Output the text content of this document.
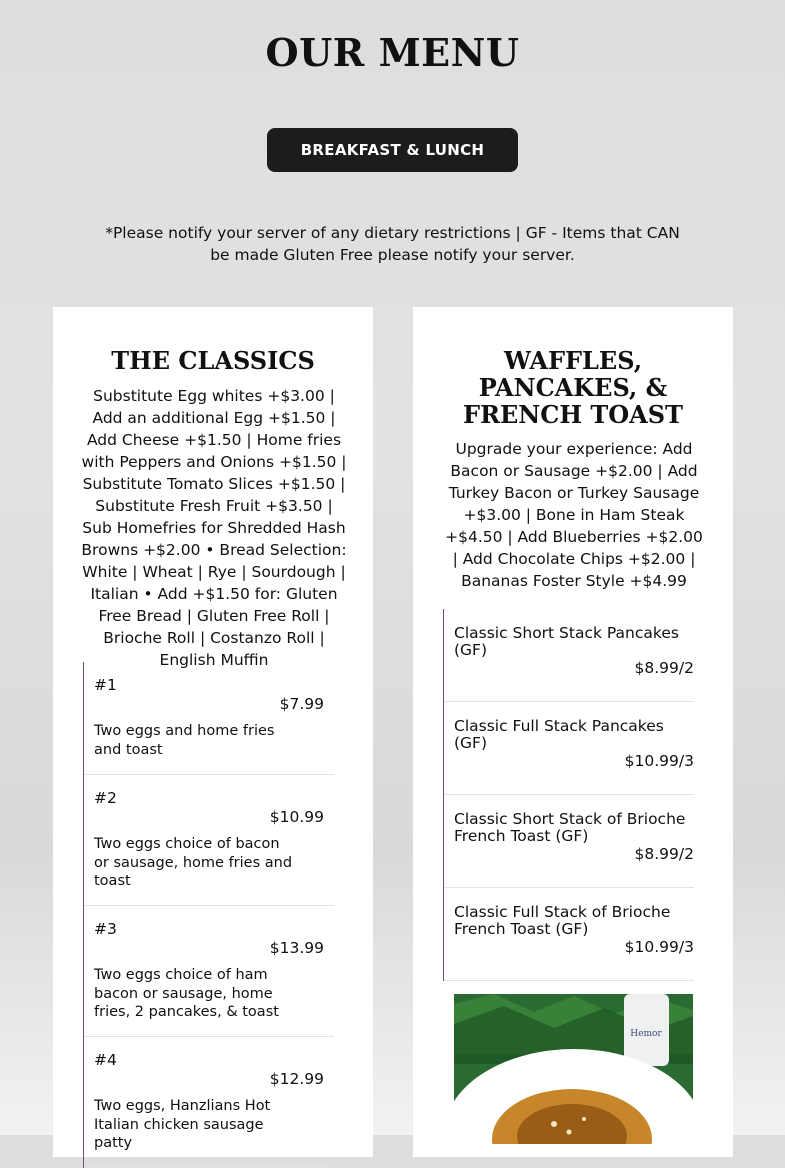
OUR MENU
BREAKFAST & LUNCH

*Please notify your server of any dietary restrictions | GF - Items that CAN be made Gluten Free please notify your server.

THE CLASSICS

Substitute Egg whites +$3.00 | Add an additional Egg +$1.50 | Add Cheese +$1.50 | Home fries with Peppers and Onions +$1.50 | Substitute Tomato Slices +$1.50 | Substitute Fresh Fruit +$3.50 | Sub Homefries for Shredded Hash Browns +$2.00 • Bread Selection: White | Wheat | Rye | Sourdough | Italian • Add +$1.50 for: Gluten Free Bread | Gluten Free Roll | Brioche Roll | Costanzo Roll | English Muffin

#1
$7.99
Two eggs and home fries and toast
#2
$10.99
Two eggs choice of bacon or sausage, home fries and toast
#3
$13.99
Two eggs choice of ham bacon or sausage, home fries, 2 pancakes, & toast
#4
$12.99
Two eggs, Hanzlians Hot Italian chicken sausage patty
WAFFLES, PANCAKES, & FRENCH TOAST

Upgrade your experience: Add Bacon or Sausage +$2.00 | Add Turkey Bacon or Turkey Sausage +$3.00 | Bone in Ham Steak +$4.50 | Add Blueberries +$2.00 | Add Chocolate Chips +$2.00 | Bananas Foster Style +$4.99

Classic Short Stack Pancakes (GF)
$8.99/2
Classic Full Stack Pancakes (GF)
$10.99/3
Classic Short Stack of Brioche French Toast (GF)
$8.99/2
Classic Full Stack of Brioche French Toast (GF)
$10.99/3
Hemor
